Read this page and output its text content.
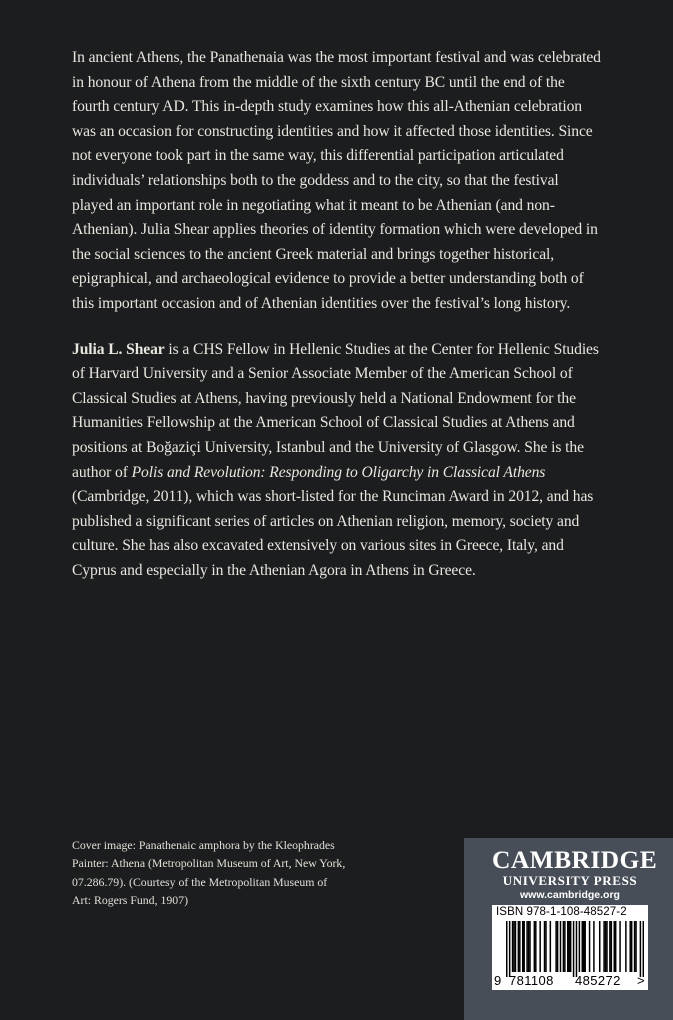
In ancient Athens, the Panathenaia was the most important festival and was celebrated in honour of Athena from the middle of the sixth century BC until the end of the fourth century AD. This in-depth study examines how this all-Athenian celebration was an occasion for constructing identities and how it affected those identities. Since not everyone took part in the same way, this differential participation articulated individuals’ relationships both to the goddess and to the city, so that the festival played an important role in negotiating what it meant to be Athenian (and non-Athenian). Julia Shear applies theories of identity formation which were developed in the social sciences to the ancient Greek material and brings together historical, epigraphical, and archaeological evidence to provide a better understanding both of this important occasion and of Athenian identities over the festival’s long history.

Julia L. Shear is a CHS Fellow in Hellenic Studies at the Center for Hellenic Studies of Harvard University and a Senior Associate Member of the American School of Classical Studies at Athens, having previously held a National Endowment for the Humanities Fellowship at the American School of Classical Studies at Athens and positions at Boğaziçi University, Istanbul and the University of Glasgow. She is the author of Polis and Revolution: Responding to Oligarchy in Classical Athens (Cambridge, 2011), which was short-listed for the Runciman Award in 2012, and has published a significant series of articles on Athenian religion, memory, society and culture. She has also excavated extensively on various sites in Greece, Italy, and Cyprus and especially in the Athenian Agora in Athens in Greece.

Cover image: Panathenaic amphora by the Kleophrades Painter: Athena (Metropolitan Museum of Art, New York, 07.286.79). (Courtesy of the Metropolitan Museum of Art: Rogers Fund, 1907)
CAMBRIDGE
UNIVERSITY PRESS
www.cambridge.org
ISBN 978-1-108-48527-2
9 781108 485272 >
